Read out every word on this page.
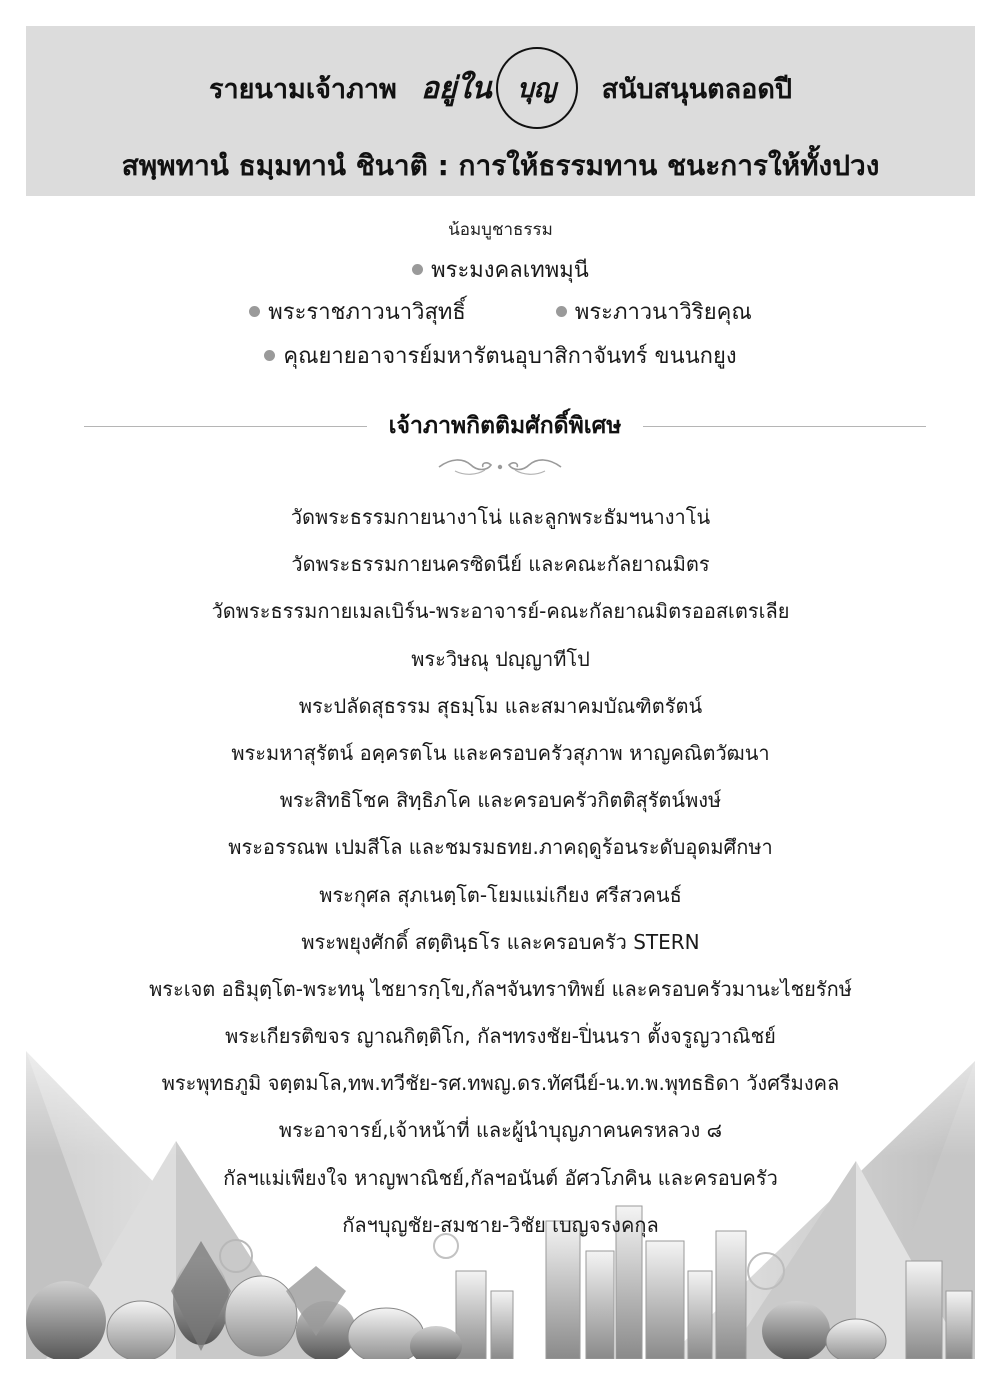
รายนามเจ้าภาพ อยู่ใน บุญ สนับสนุนตลอดปี
สพฺพทานํ ธมฺมทานํ ชินาติ : การให้ธรรมทาน ชนะการให้ทั้งปวง
น้อมบูชาธรรม
พระมงคลเทพมุนี
พระราชภาวนาวิสุทธิ์	พระภาวนาวิริยคุณ
คุณยายอาจารย์มหารัตนอุบาสิกาจันทร์ ขนนกยูง
เจ้าภาพกิตติมศักดิ์พิเศษ
วัดพระธรรมกายนางาโน่ และลูกพระธัมฯนางาโน่
วัดพระธรรมกายนครซิดนีย์ และคณะกัลยาณมิตร
วัดพระธรรมกายเมลเบิร์น-พระอาจารย์-คณะกัลยาณมิตรออสเตรเลีย
พระวิษณุ ปญฺญาทีโป
พระปลัดสุธรรม สุธมฺโม และสมาคมบัณฑิตรัตน์
พระมหาสุรัตน์ อคฺครตโน และครอบครัวสุภาพ หาญคณิตวัฒนา
พระสิทธิโชค สิทฺธิภโค และครอบครัวกิตติสุรัตน์พงษ์
พระอรรณพ เปมสีโล และชมรมธทย.ภาคฤดูร้อนระดับอุดมศึกษา
พระกุศล สุภเนตฺโต-โยมแม่เกียง ศรีสวคนธ์
พระพยุงศักดิ์ สตฺตินฺธโร และครอบครัว STERN
พระเจต อธิมุตฺโต-พระทนุ ไชยารกฺโข,กัลฯจันทราทิพย์ และครอบครัวมานะไชยรักษ์
พระเกียรติขจร ญาณกิตฺติโก, กัลฯทรงชัย-ปิ่นนรา ตั้งจรูญวาณิชย์
พระพุทธภูมิ จตฺตมโล,ทพ.ทวีชัย-รศ.ทพญ.ดร.ทัศนีย์-น.ท.พ.พุทธธิดา วังศรีมงคล
พระอาจารย์,เจ้าหน้าที่ และผู้นำบุญภาคนครหลวง ๘
กัลฯแม่เพียงใจ หาญพาณิชย์,กัลฯอนันต์ อัศวโภคิน และครอบครัว
กัลฯบุญชัย-สมชาย-วิชัย เบญจรงคกุล
